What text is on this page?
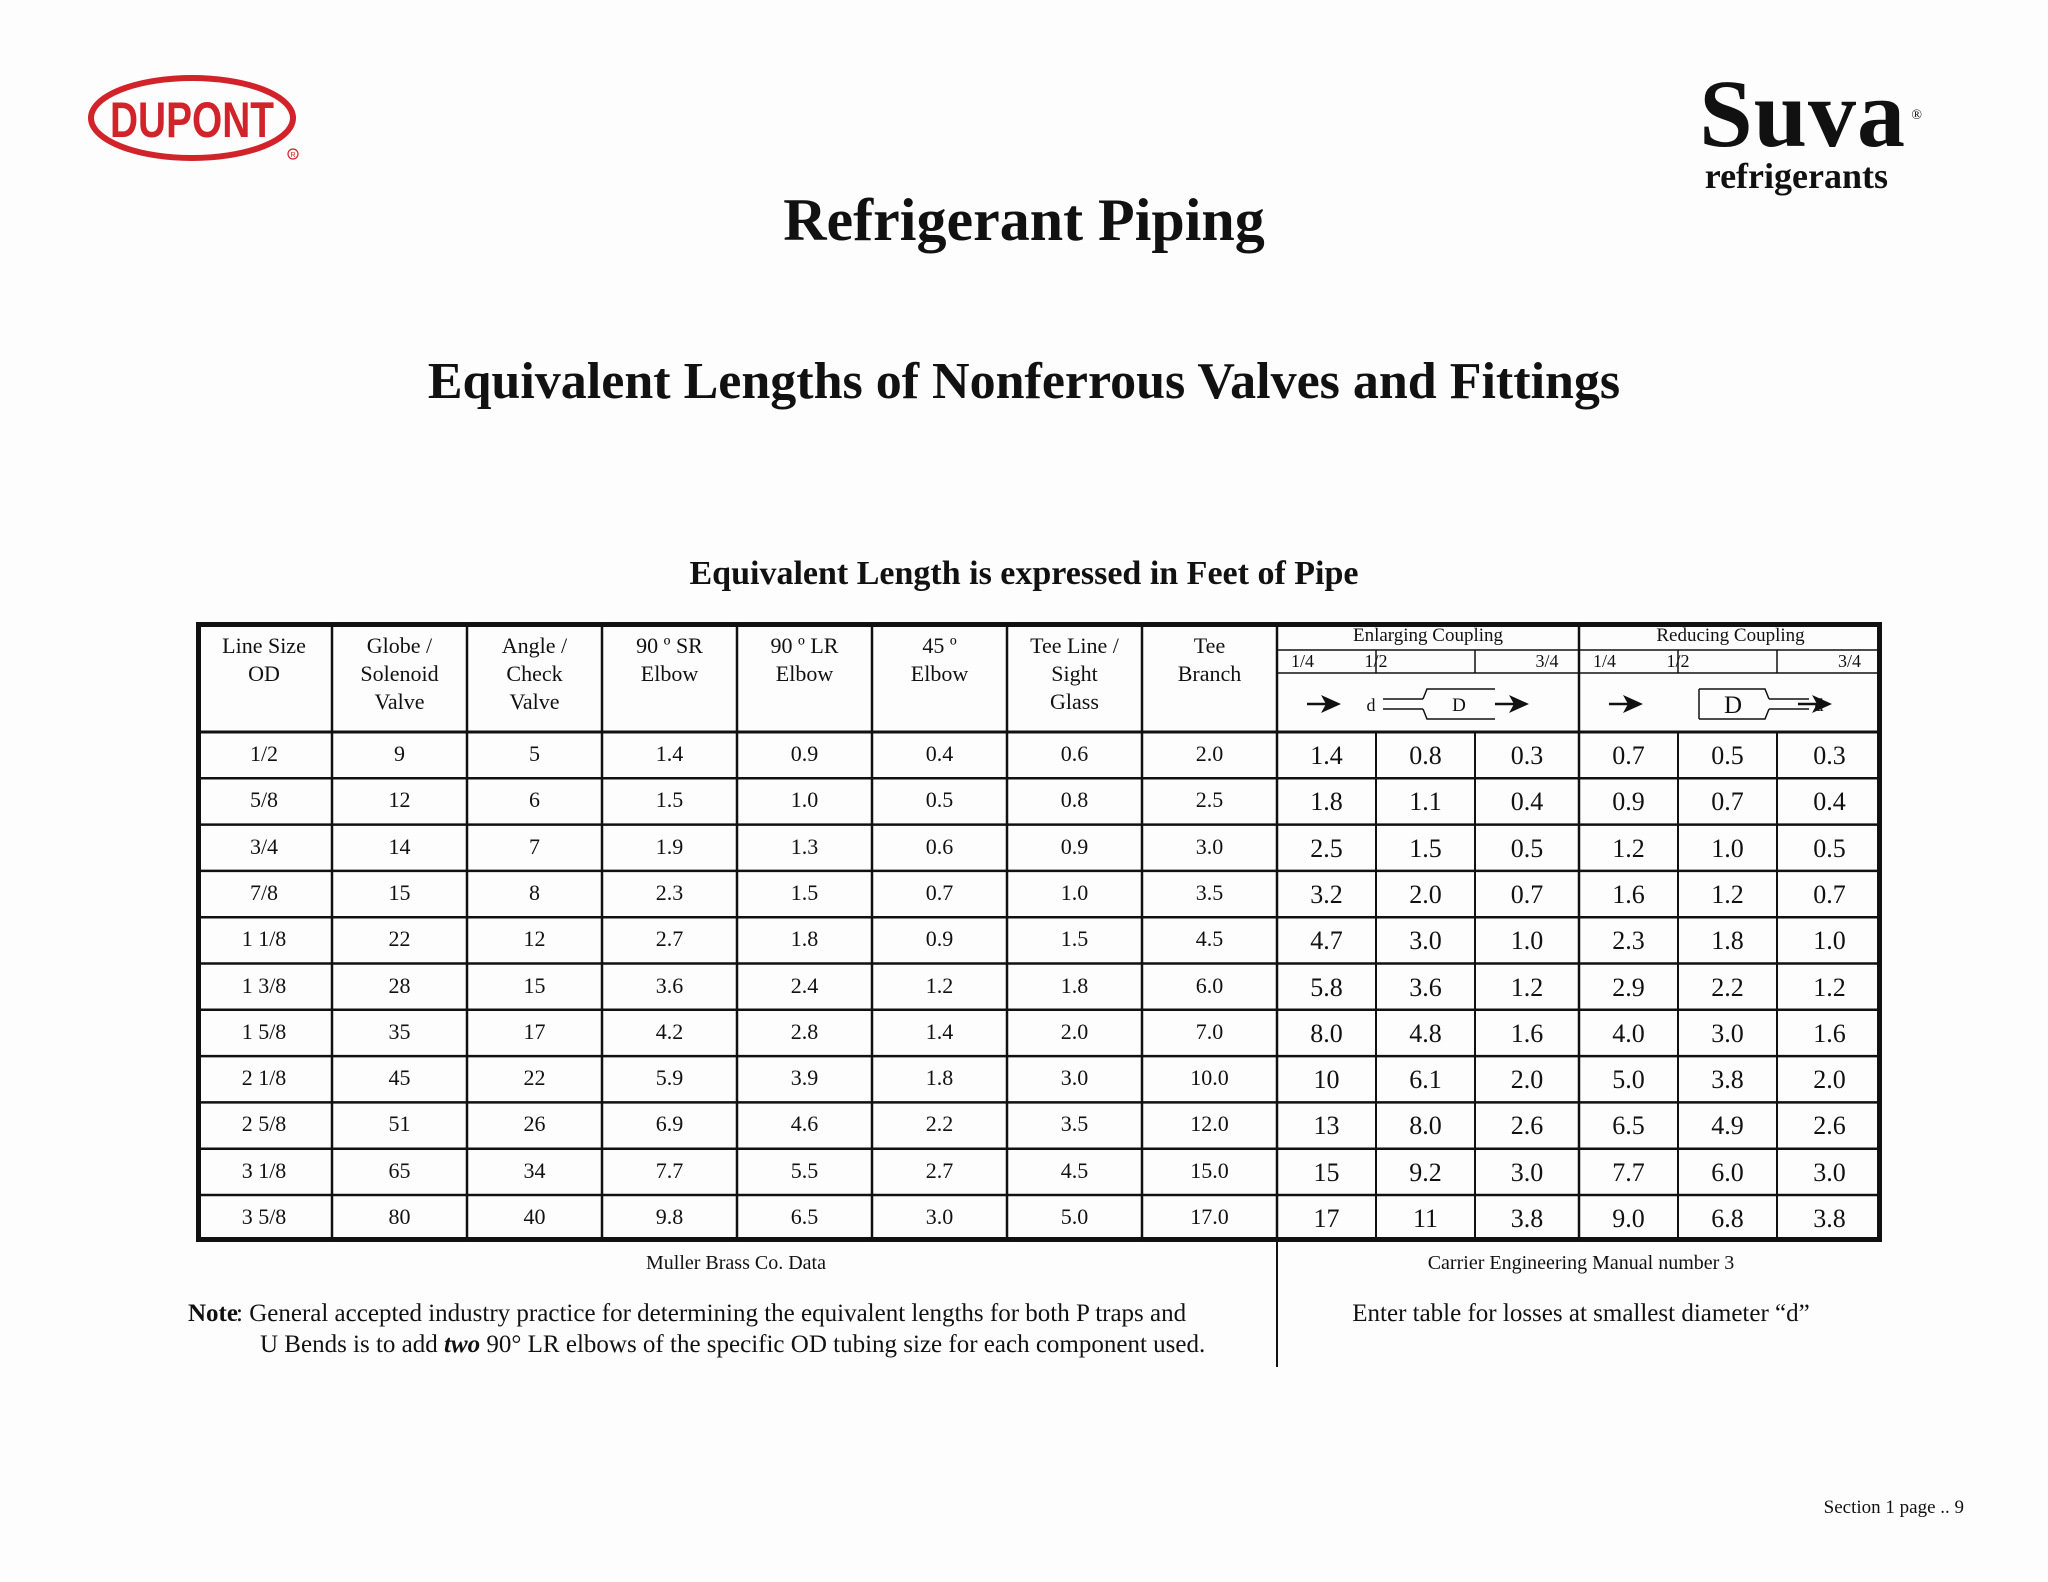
DUPONT
R	Suva ®
refrigerants
Refrigerant Piping
Equivalent Lengths of Nonferrous Valves and Fittings
Equivalent Length is expressed in Feet of Pipe
d	D	d
D
Line Size
OD
Globe /
Solenoid
Valve
Angle /
Check
Valve
90 º SR
Elbow
90 º LR
Elbow
45 º
Elbow
Tee Line /
Sight
Glass
Tee
Branch
Enlarging Coupling
1/4	1/2	3/4
Reducing Coupling
1/4	1/2	3/4
1/2	9	5	1.4	0.9	0.4	0.6	2.0	1.4	0.8	0.3	0.7	0.5	0.3
5/8	12	6	1.5	1.0	0.5	0.8	2.5	1.8	1.1	0.4	0.9	0.7	0.4
3/4	14	7	1.9	1.3	0.6	0.9	3.0	2.5	1.5	0.5	1.2	1.0	0.5
7/8	15	8	2.3	1.5	0.7	1.0	3.5	3.2	2.0	0.7	1.6	1.2	0.7
1 1/8	22	12	2.7	1.8	0.9	1.5	4.5	4.7	3.0	1.0	2.3	1.8	1.0
1 3/8	28	15	3.6	2.4	1.2	1.8	6.0	5.8	3.6	1.2	2.9	2.2	1.2
1 5/8	35	17	4.2	2.8	1.4	2.0	7.0	8.0	4.8	1.6	4.0	3.0	1.6
2 1/8	45	22	5.9	3.9	1.8	3.0	10.0	10	6.1	2.0	5.0	3.8	2.0
2 5/8	51	26	6.9	4.6	2.2	3.5	12.0	13	8.0	2.6	6.5	4.9	2.6
3 1/8	65	34	7.7	5.5	2.7	4.5	15.0	15	9.2	3.0	7.7	6.0	3.0
3 5/8	80	40	9.8	6.5	3.0	5.0	17.0	17	11	3.8	9.0	6.8	3.8
Muller Brass Co. Data	Carrier Engineering Manual number 3
Note
: General accepted industry practice for determining the equivalent lengths for both P traps and
U Bends is to add two 90° LR elbows of the specific OD tubing size for each component used.
Enter table for losses at smallest diameter “d”
Section 1 page .. 9
